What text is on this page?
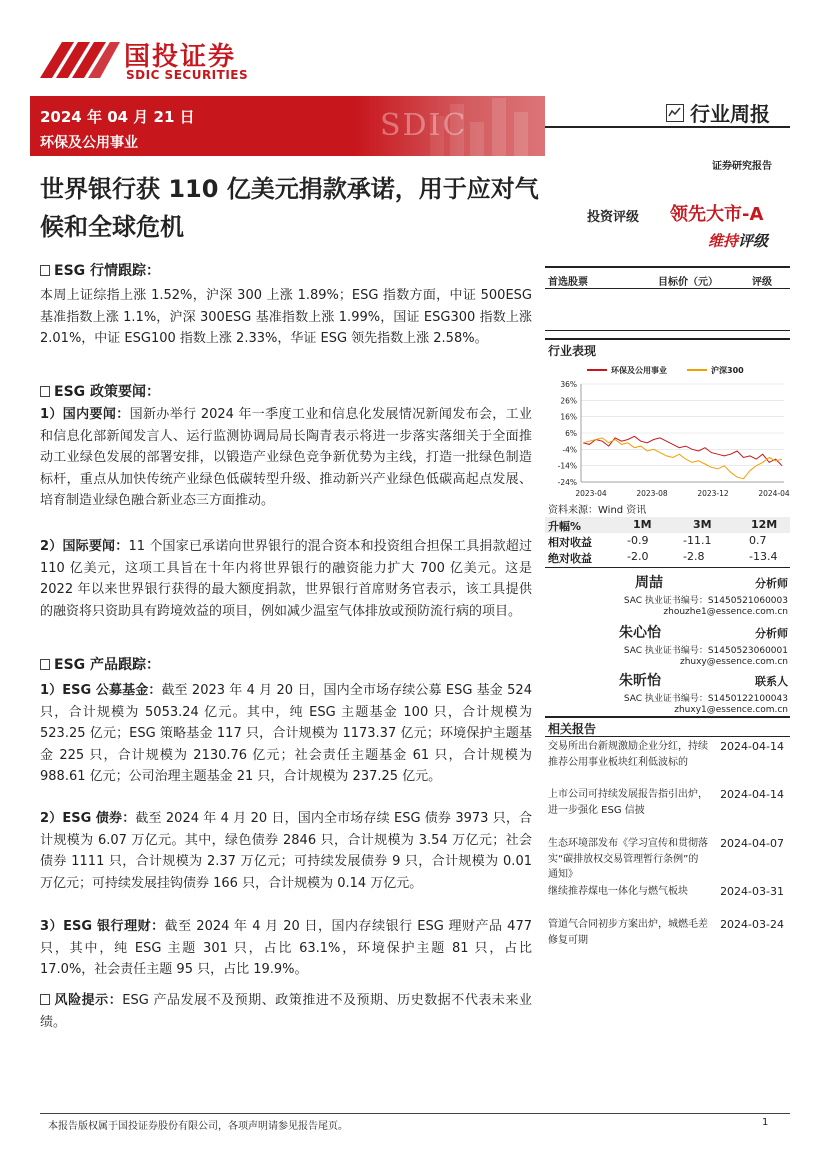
国投证券
SDIC SECURITIES
SDIC
2024 年 04 月 21 日
环保及公用事业
行业周报
证券研究报告
世界银行获 110 亿美元捐款承诺，用于应对气候和全球危机	投资评级 领先大市-A
维持评级
ESG 行情跟踪：
本周上证综指上涨 1.52%，沪深 300 上涨 1.89%；ESG 指数方面，中证 500ESG 基准指数上涨 1.1%，沪深 300ESG 基准指数上涨 1.99%，国证 ESG300 指数上涨 2.01%，中证 ESG100 指数上涨 2.33%，华证 ESG 领先指数上涨 2.58%。
ESG 政策要闻：
1）国内要闻：国新办举行 2024 年一季度工业和信息化发展情况新闻发布会，工业和信息化部新闻发言人、运行监测协调局局长陶青表示将进一步落实落细关于全面推动工业绿色发展的部署安排，以锻造产业绿色竞争新优势为主线，打造一批绿色制造标杆，重点从加快传统产业绿色低碳转型升级、推动新兴产业绿色低碳高起点发展、培育制造业绿色融合新业态三方面推动。
2）国际要闻：11 个国家已承诺向世界银行的混合资本和投资组合担保工具捐款超过 110 亿美元，这项工具旨在十年内将世界银行的融资能力扩大 700 亿美元。这是 2022 年以来世界银行获得的最大额度捐款，世界银行首席财务官表示，该工具提供的融资将只资助具有跨境效益的项目，例如减少温室气体排放或预防流行病的项目。
ESG 产品跟踪：
1）ESG 公募基金：截至 2023 年 4 月 20 日，国内全市场存续公募 ESG 基金 524 只，合计规模为 5053.24 亿元。其中，纯 ESG 主题基金 100 只，合计规模为 523.25 亿元；ESG 策略基金 117 只，合计规模为 1173.37 亿元；环境保护主题基金 225 只，合计规模为 2130.76 亿元；社会责任主题基金 61 只，合计规模为 988.61 亿元；公司治理主题基金 21 只，合计规模为 237.25 亿元。
2）ESG 债券：截至 2024 年 4 月 20 日，国内全市场存续 ESG 债券 3973 只，合计规模为 6.07 万亿元。其中，绿色债券 2846 只，合计规模为 3.54 万亿元；社会债券 1111 只，合计规模为 2.37 万亿元；可持续发展债券 9 只，合计规模为 0.01 万亿元；可持续发展挂钩债券 166 只，合计规模为 0.14 万亿元。
3）ESG 银行理财：截至 2024 年 4 月 20 日，国内存续银行 ESG 理财产品 477 只，其中，纯 ESG 主题 301 只，占比 63.1%，环境保护主题 81 只，占比 17.0%，社会责任主题 95 只，占比 19.9%。
风险提示：ESG 产品发展不及预期、政策推进不及预期、历史数据不代表未来业绩。
首选股票	目标价（元）	评级
行业表现
环保及公用事业	沪深300
36%
26%
16%
6%
-4%
-14%
-24%
2023-04	2023-08	2023-12	2024-04
资料来源：Wind 资讯
升幅%	1M	3M	12M
相对收益	-0.9	-11.1	0.7
绝对收益	-2.0	-2.8	-13.4
周喆	分析师
SAC 执业证书编号：S1450521060003
zhouzhe1@essence.com.cn
朱心怡	分析师
SAC 执业证书编号：S1450523060001
zhuxy@essence.com.cn
朱昕怡	联系人
SAC 执业证书编号：S1450122100043
zhuxy1@essence.com.cn
相关报告
交易所出台新规激励企业分红，持续推荐公用事业板块红利低波标的
2024-04-14
上市公司可持续发展报告指引出炉，进一步强化 ESG 信披
2024-04-14
生态环境部发布《学习宣传和贯彻落实“碳排放权交易管理暂行条例”的通知》
2024-04-07
继续推荐煤电一体化与燃气板块	2024-03-31
管道气合同初步方案出炉，城燃毛差修复可期
2024-03-24
本报告版权属于国投证券股份有限公司，各项声明请参见报告尾页。	1
